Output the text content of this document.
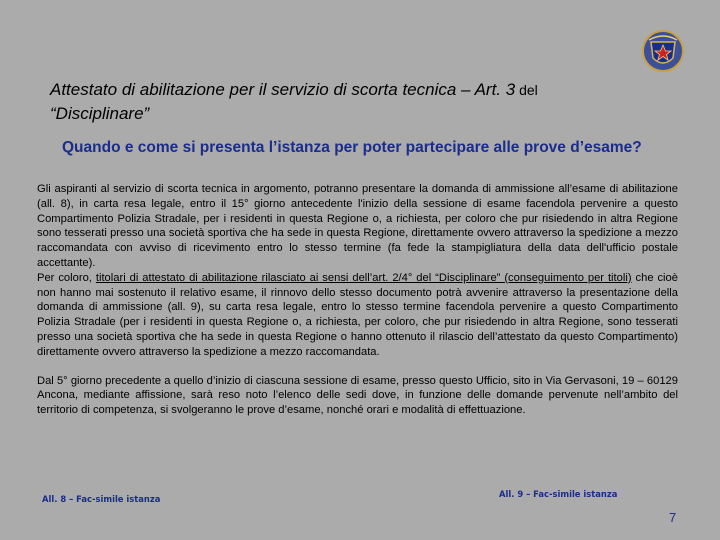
Attestato di abilitazione per il servizio di scorta tecnica – Art. 3 del
“Disciplinare”
Quando e come si presenta l’istanza per poter partecipare alle prove d’esame?

Gli aspiranti al servizio di scorta tecnica in argomento, potranno presentare la domanda di ammissione all’esame di abilitazione (all. 8), in carta resa legale, entro il 15° giorno antecedente l'inizio della sessione di esame facendola pervenire a questo Compartimento Polizia Stradale, per i residenti in questa Regione o, a richiesta, per coloro che pur risiedendo in altra Regione sono tesserati presso una società sportiva che ha sede in questa Regione, direttamente ovvero attraverso la spedizione a mezzo raccomandata con avviso di ricevimento entro lo stesso termine (fa fede la stampigliatura della data dell'ufficio postale accettante).

Per coloro, titolari di attestato di abilitazione rilasciato ai sensi dell’art. 2/4° del “Disciplinare” (conseguimento per titoli) che cioè non hanno mai sostenuto il relativo esame, il rinnovo dello stesso documento potrà avvenire attraverso la presentazione della domanda di ammissione (all. 9), su carta resa legale, entro lo stesso termine facendola pervenire a questo Compartimento Polizia Stradale (per i residenti in questa Regione o, a richiesta, per coloro, che pur risiedendo in altra Regione, sono tesserati presso una società sportiva che ha sede in questa Regione o hanno ottenuto il rilascio dell’attestato da questo Compartimento) direttamente ovvero attraverso la spedizione a mezzo raccomandata.

Dal 5° giorno precedente a quello d’inizio di ciascuna sessione di esame, presso questo Ufficio, sito in Via Gervasoni, 19 – 60129 Ancona, mediante affissione, sarà reso noto l’elenco delle sedi dove, in funzione delle domande pervenute nell’ambito del territorio di competenza, si svolgeranno le prove d’esame, nonché orari e modalità di effettuazione.

All. 8 – Fac-simile istanza	All. 9 – Fac-simile istanza
7
